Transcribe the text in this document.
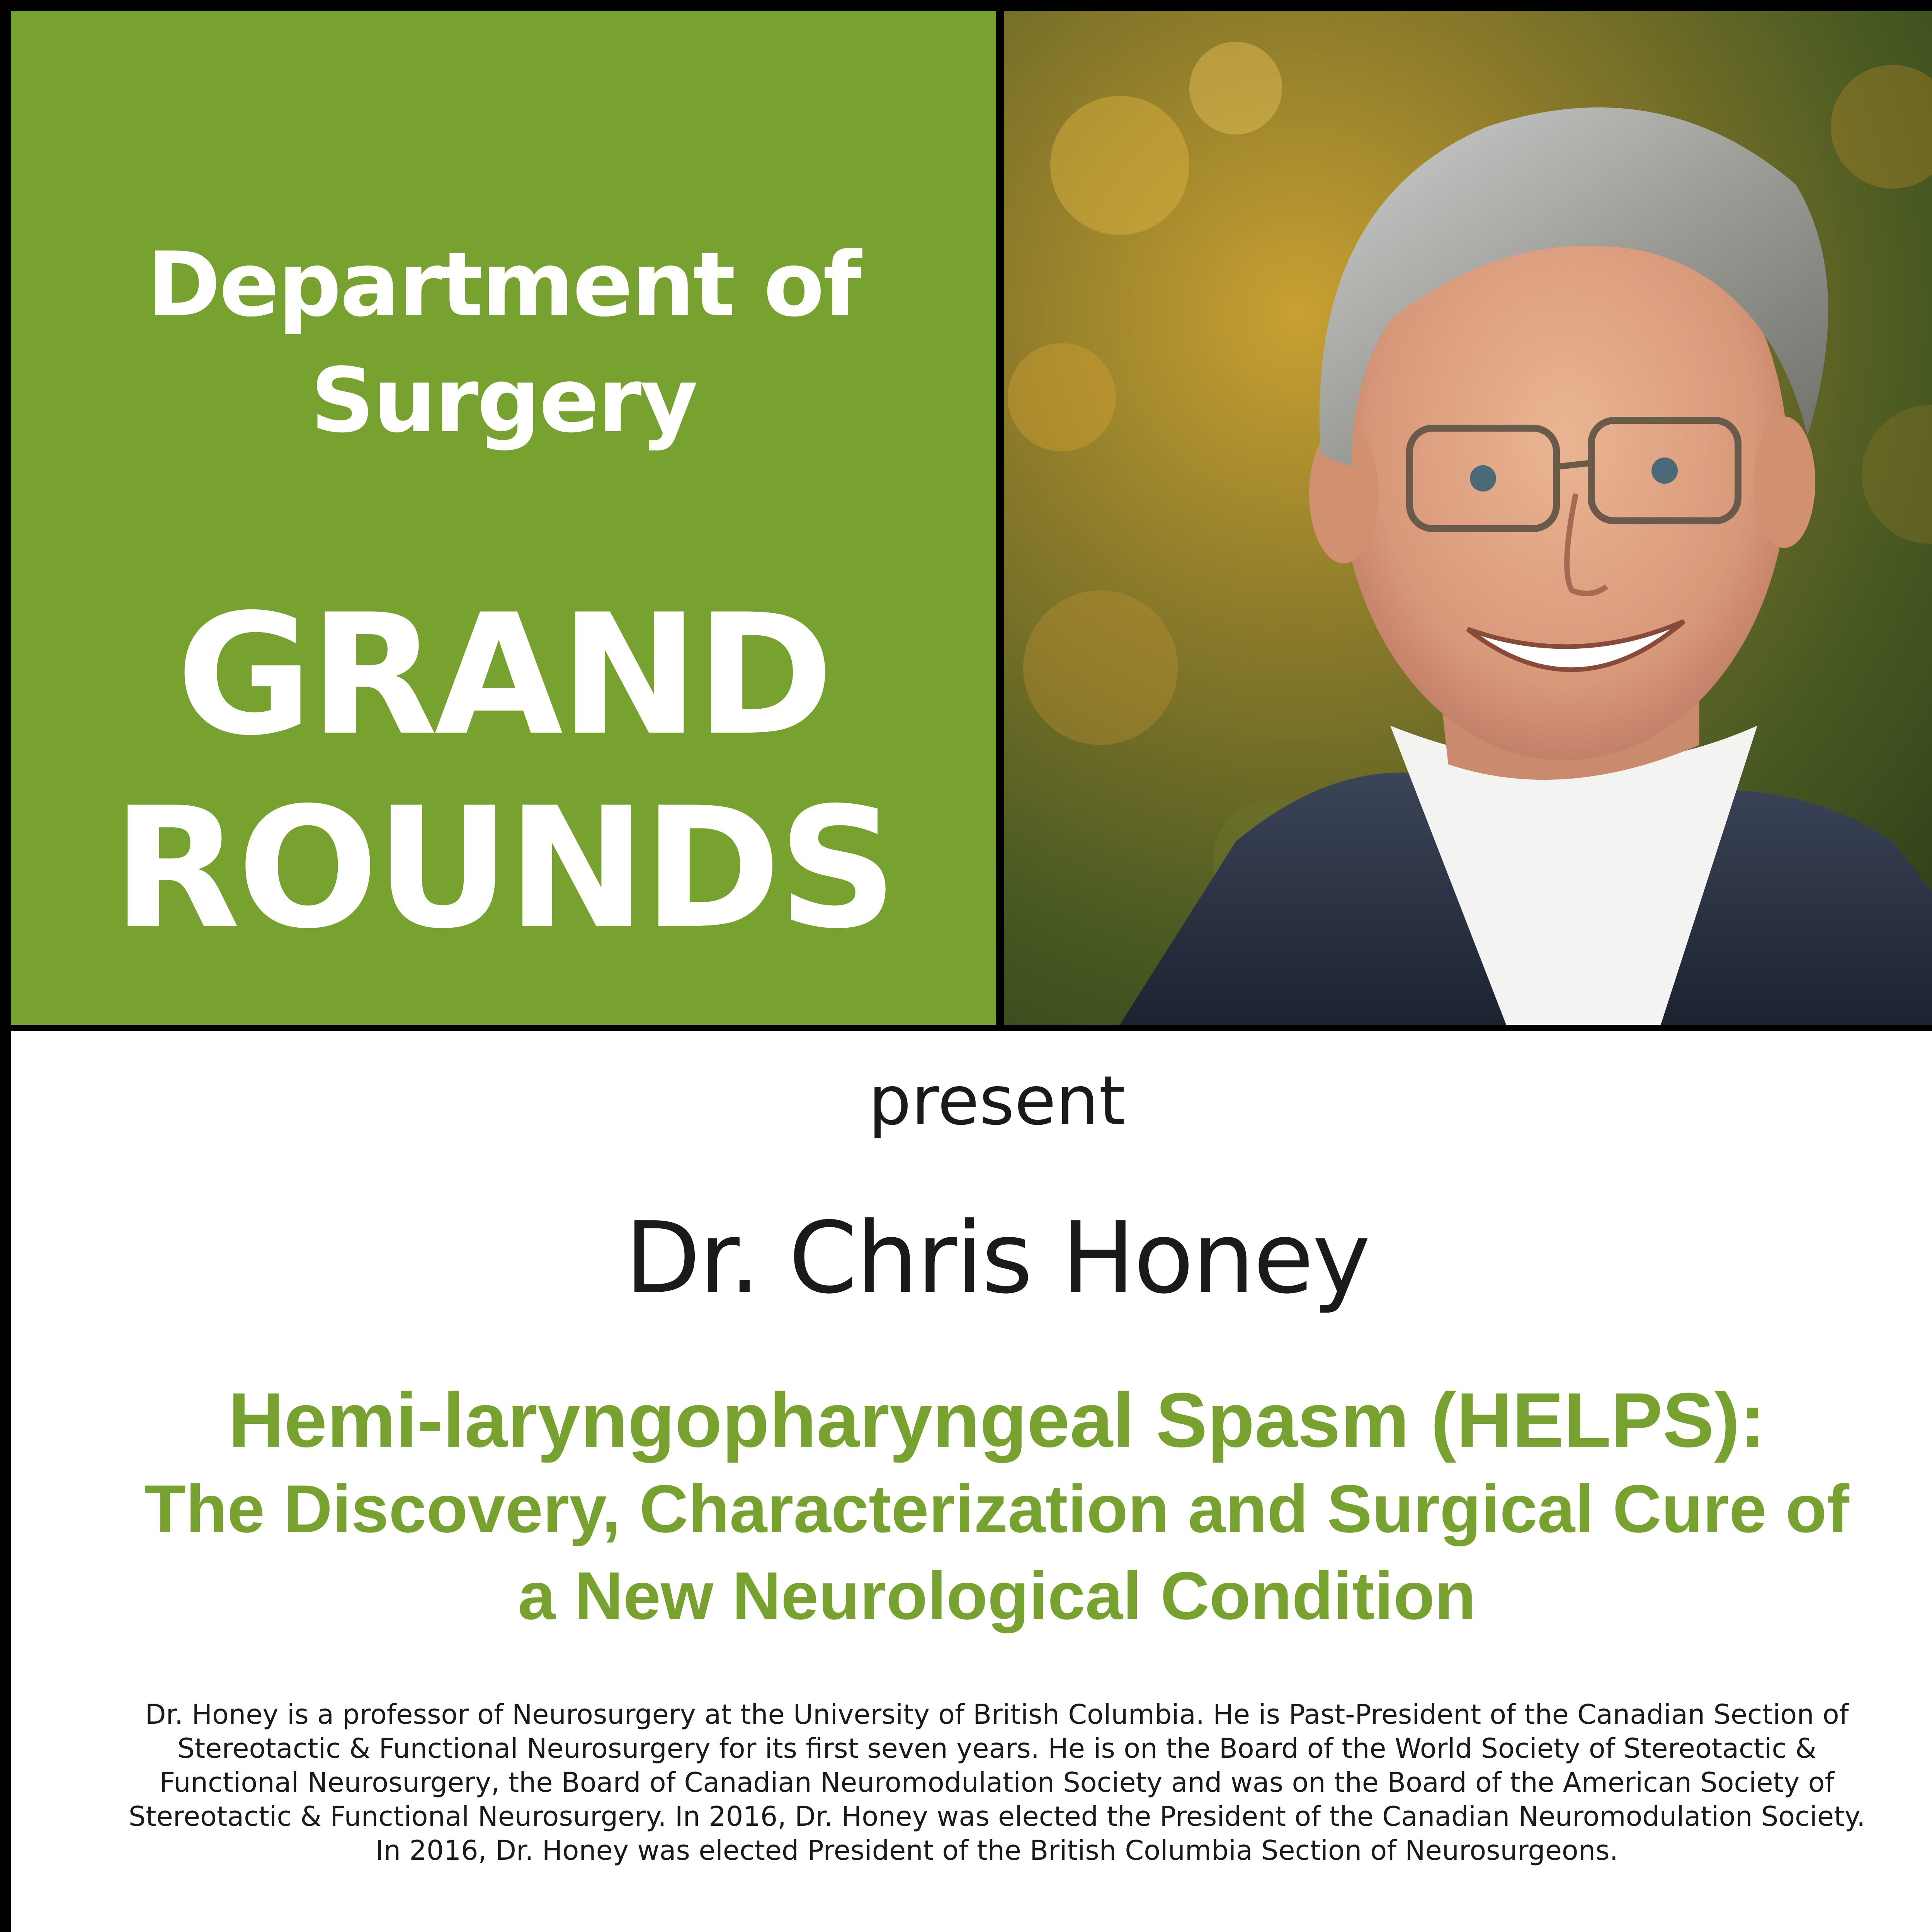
Department of
Surgery
GRAND
ROUNDS
present
Dr. Chris Honey
Hemi-laryngopharyngeal Spasm (HELPS):
The Discovery, Characterization and Surgical Cure of
a New Neurological Condition
Dr. Honey is a professor of Neurosurgery at the University of British Columbia. He is Past-President of the Canadian Section of Stereotactic & Functional Neurosurgery for its first seven years. He is on the Board of the World Society of Stereotactic & Functional Neurosurgery, the Board of Canadian Neuromodulation Society and was on the Board of the American Society of Stereotactic & Functional Neurosurgery. In 2016, Dr. Honey was elected the President of the Canadian Neuromodulation Society. In 2016, Dr. Honey was elected President of the British Columbia Section of Neurosurgeons.
